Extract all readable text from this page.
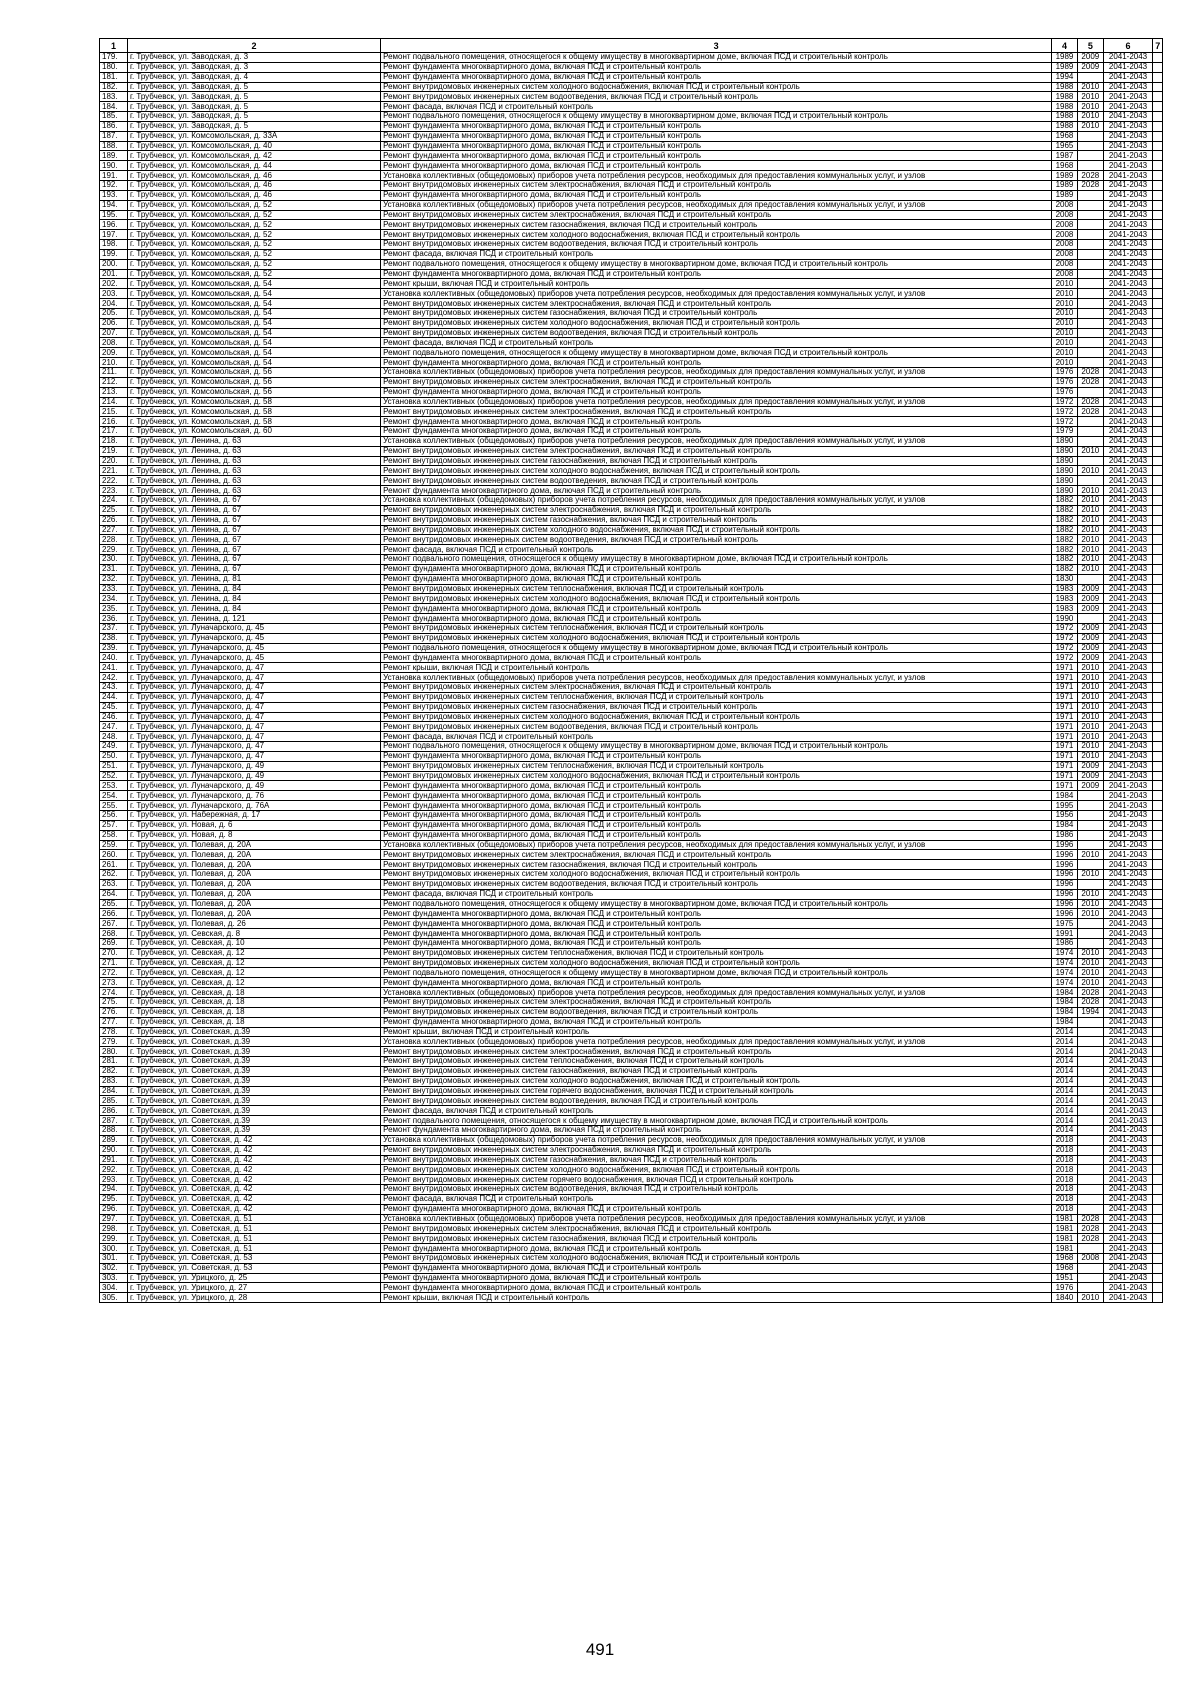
1	2	3	4	5	6	7
179.	г. Трубчевск, ул. Заводская, д. 3	Ремонт подвального помещения, относящегося к общему имуществу в многоквартирном доме, включая ПСД и строительный контроль	1989	2009	2041-2043	
180.	г. Трубчевск, ул. Заводская, д. 3	Ремонт фундамента многоквартирного дома, включая ПСД и строительный контроль	1989	2009	2041-2043	
181.	г. Трубчевск, ул. Заводская, д. 4	Ремонт фундамента многоквартирного дома, включая ПСД и строительный контроль	1994		2041-2043	
182.	г. Трубчевск, ул. Заводская, д. 5	Ремонт внутридомовых инженерных систем холодного водоснабжения, включая ПСД и строительный контроль	1988	2010	2041-2043	
183.	г. Трубчевск, ул. Заводская, д. 5	Ремонт внутридомовых инженерных систем водоотведения, включая ПСД и строительный контроль	1988	2010	2041-2043	
184.	г. Трубчевск, ул. Заводская, д. 5	Ремонт фасада, включая ПСД и строительный контроль	1988	2010	2041-2043	
185.	г. Трубчевск, ул. Заводская, д. 5	Ремонт подвального помещения, относящегося к общему имуществу в многоквартирном доме, включая ПСД и строительный контроль	1988	2010	2041-2043	
186.	г. Трубчевск, ул. Заводская, д. 5	Ремонт фундамента многоквартирного дома, включая ПСД и строительный контроль	1988	2010	2041-2043	
187.	г. Трубчевск, ул. Комсомольская, д. 33А	Ремонт фундамента многоквартирного дома, включая ПСД и строительный контроль	1968		2041-2043	
188.	г. Трубчевск, ул. Комсомольская, д. 40	Ремонт фундамента многоквартирного дома, включая ПСД и строительный контроль	1965		2041-2043	
189.	г. Трубчевск, ул. Комсомольская, д. 42	Ремонт фундамента многоквартирного дома, включая ПСД и строительный контроль	1987		2041-2043	
190.	г. Трубчевск, ул. Комсомольская, д. 44	Ремонт фундамента многоквартирного дома, включая ПСД и строительный контроль	1968		2041-2043	
191.	г. Трубчевск, ул. Комсомольская, д. 46	Установка коллективных (общедомовых) приборов учета потребления ресурсов, необходимых для предоставления коммунальных услуг, и узлов	1989	2028	2041-2043	
192.	г. Трубчевск, ул. Комсомольская, д. 46	Ремонт внутридомовых инженерных систем электроснабжения, включая ПСД и строительный контроль	1989	2028	2041-2043	
193.	г. Трубчевск, ул. Комсомольская, д. 46	Ремонт фундамента многоквартирного дома, включая ПСД и строительный контроль	1989		2041-2043	
194.	г. Трубчевск, ул. Комсомольская, д. 52	Установка коллективных (общедомовых) приборов учета потребления ресурсов, необходимых для предоставления коммунальных услуг, и узлов	2008		2041-2043	
195.	г. Трубчевск, ул. Комсомольская, д. 52	Ремонт внутридомовых инженерных систем электроснабжения, включая ПСД и строительный контроль	2008		2041-2043	
196.	г. Трубчевск, ул. Комсомольская, д. 52	Ремонт внутридомовых инженерных систем газоснабжения, включая ПСД и строительный контроль	2008		2041-2043	
197.	г. Трубчевск, ул. Комсомольская, д. 52	Ремонт внутридомовых инженерных систем холодного водоснабжения, включая ПСД и строительный контроль	2008		2041-2043	
198.	г. Трубчевск, ул. Комсомольская, д. 52	Ремонт внутридомовых инженерных систем водоотведения, включая ПСД и строительный контроль	2008		2041-2043	
199.	г. Трубчевск, ул. Комсомольская, д. 52	Ремонт фасада, включая ПСД и строительный контроль	2008		2041-2043	
200.	г. Трубчевск, ул. Комсомольская, д. 52	Ремонт подвального помещения, относящегося к общему имуществу в многоквартирном доме, включая ПСД и строительный контроль	2008		2041-2043	
201.	г. Трубчевск, ул. Комсомольская, д. 52	Ремонт фундамента многоквартирного дома, включая ПСД и строительный контроль	2008		2041-2043	
202.	г. Трубчевск, ул. Комсомольская, д. 54	Ремонт крыши, включая ПСД и строительный контроль	2010		2041-2043	
203.	г. Трубчевск, ул. Комсомольская, д. 54	Установка коллективных (общедомовых) приборов учета потребления ресурсов, необходимых для предоставления коммунальных услуг, и узлов	2010		2041-2043	
204.	г. Трубчевск, ул. Комсомольская, д. 54	Ремонт внутридомовых инженерных систем электроснабжения, включая ПСД и строительный контроль	2010		2041-2043	
205.	г. Трубчевск, ул. Комсомольская, д. 54	Ремонт внутридомовых инженерных систем газоснабжения, включая ПСД и строительный контроль	2010		2041-2043	
206.	г. Трубчевск, ул. Комсомольская, д. 54	Ремонт внутридомовых инженерных систем холодного водоснабжения, включая ПСД и строительный контроль	2010		2041-2043	
207.	г. Трубчевск, ул. Комсомольская, д. 54	Ремонт внутридомовых инженерных систем водоотведения, включая ПСД и строительный контроль	2010		2041-2043	
208.	г. Трубчевск, ул. Комсомольская, д. 54	Ремонт фасада, включая ПСД и строительный контроль	2010		2041-2043	
209.	г. Трубчевск, ул. Комсомольская, д. 54	Ремонт подвального помещения, относящегося к общему имуществу в многоквартирном доме, включая ПСД и строительный контроль	2010		2041-2043	
210.	г. Трубчевск, ул. Комсомольская, д. 54	Ремонт фундамента многоквартирного дома, включая ПСД и строительный контроль	2010		2041-2043	
211.	г. Трубчевск, ул. Комсомольская, д. 56	Установка коллективных (общедомовых) приборов учета потребления ресурсов, необходимых для предоставления коммунальных услуг, и узлов	1976	2028	2041-2043	
212.	г. Трубчевск, ул. Комсомольская, д. 56	Ремонт внутридомовых инженерных систем электроснабжения, включая ПСД и строительный контроль	1976	2028	2041-2043	
213.	г. Трубчевск, ул. Комсомольская, д. 56	Ремонт фундамента многоквартирного дома, включая ПСД и строительный контроль	1976		2041-2043	
214.	г. Трубчевск, ул. Комсомольская, д. 58	Установка коллективных (общедомовых) приборов учета потребления ресурсов, необходимых для предоставления коммунальных услуг, и узлов	1972	2028	2041-2043	
215.	г. Трубчевск, ул. Комсомольская, д. 58	Ремонт внутридомовых инженерных систем электроснабжения, включая ПСД и строительный контроль	1972	2028	2041-2043	
216.	г. Трубчевск, ул. Комсомольская, д. 58	Ремонт фундамента многоквартирного дома, включая ПСД и строительный контроль	1972		2041-2043	
217.	г. Трубчевск, ул. Комсомольская, д. 60	Ремонт фундамента многоквартирного дома, включая ПСД и строительный контроль	1979		2041-2043	
218.	г. Трубчевск, ул. Ленина, д. 63	Установка коллективных (общедомовых) приборов учета потребления ресурсов, необходимых для предоставления коммунальных услуг, и узлов	1890		2041-2043	
219.	г. Трубчевск, ул. Ленина, д. 63	Ремонт внутридомовых инженерных систем электроснабжения, включая ПСД и строительный контроль	1890	2010	2041-2043	
220.	г. Трубчевск, ул. Ленина, д. 63	Ремонт внутридомовых инженерных систем газоснабжения, включая ПСД и строительный контроль	1890		2041-2043	
221.	г. Трубчевск, ул. Ленина, д. 63	Ремонт внутридомовых инженерных систем холодного водоснабжения, включая ПСД и строительный контроль	1890	2010	2041-2043	
222.	г. Трубчевск, ул. Ленина, д. 63	Ремонт внутридомовых инженерных систем водоотведения, включая ПСД и строительный контроль	1890		2041-2043	
223.	г. Трубчевск, ул. Ленина, д. 63	Ремонт фундамента многоквартирного дома, включая ПСД и строительный контроль	1890	2010	2041-2043	
224.	г. Трубчевск, ул. Ленина, д. 67	Установка коллективных (общедомовых) приборов учета потребления ресурсов, необходимых для предоставления коммунальных услуг, и узлов	1882	2010	2041-2043	
225.	г. Трубчевск, ул. Ленина, д. 67	Ремонт внутридомовых инженерных систем электроснабжения, включая ПСД и строительный контроль	1882	2010	2041-2043	
226.	г. Трубчевск, ул. Ленина, д. 67	Ремонт внутридомовых инженерных систем газоснабжения, включая ПСД и строительный контроль	1882	2010	2041-2043	
227.	г. Трубчевск, ул. Ленина, д. 67	Ремонт внутридомовых инженерных систем холодного водоснабжения, включая ПСД и строительный контроль	1882	2010	2041-2043	
228.	г. Трубчевск, ул. Ленина, д. 67	Ремонт внутридомовых инженерных систем водоотведения, включая ПСД и строительный контроль	1882	2010	2041-2043	
229.	г. Трубчевск, ул. Ленина, д. 67	Ремонт фасада, включая ПСД и строительный контроль	1882	2010	2041-2043	
230.	г. Трубчевск, ул. Ленина, д. 67	Ремонт подвального помещения, относящегося к общему имуществу в многоквартирном доме, включая ПСД и строительный контроль	1882	2010	2041-2043	
231.	г. Трубчевск, ул. Ленина, д. 67	Ремонт фундамента многоквартирного дома, включая ПСД и строительный контроль	1882	2010	2041-2043	
232.	г. Трубчевск, ул. Ленина, д. 81	Ремонт фундамента многоквартирного дома, включая ПСД и строительный контроль	1830		2041-2043	
233.	г. Трубчевск, ул. Ленина, д. 84	Ремонт внутридомовых инженерных систем теплоснабжения, включая ПСД и строительный контроль	1983	2009	2041-2043	
234.	г. Трубчевск, ул. Ленина, д. 84	Ремонт внутридомовых инженерных систем холодного водоснабжения, включая ПСД и строительный контроль	1983	2009	2041-2043	
235.	г. Трубчевск, ул. Ленина, д. 84	Ремонт фундамента многоквартирного дома, включая ПСД и строительный контроль	1983	2009	2041-2043	
236.	г. Трубчевск, ул. Ленина, д. 121	Ремонт фундамента многоквартирного дома, включая ПСД и строительный контроль	1990		2041-2043	
237.	г. Трубчевск, ул. Луначарского, д. 45	Ремонт внутридомовых инженерных систем теплоснабжения, включая ПСД и строительный контроль	1972	2009	2041-2043	
238.	г. Трубчевск, ул. Луначарского, д. 45	Ремонт внутридомовых инженерных систем холодного водоснабжения, включая ПСД и строительный контроль	1972	2009	2041-2043	
239.	г. Трубчевск, ул. Луначарского, д. 45	Ремонт подвального помещения, относящегося к общему имуществу в многоквартирном доме, включая ПСД и строительный контроль	1972	2009	2041-2043	
240.	г. Трубчевск, ул. Луначарского, д. 45	Ремонт фундамента многоквартирного дома, включая ПСД и строительный контроль	1972	2009	2041-2043	
241.	г. Трубчевск, ул. Луначарского, д. 47	Ремонт крыши, включая ПСД и строительный контроль	1971	2010	2041-2043	
242.	г. Трубчевск, ул. Луначарского, д. 47	Установка коллективных (общедомовых) приборов учета потребления ресурсов, необходимых для предоставления коммунальных услуг, и узлов	1971	2010	2041-2043	
243.	г. Трубчевск, ул. Луначарского, д. 47	Ремонт внутридомовых инженерных систем электроснабжения, включая ПСД и строительный контроль	1971	2010	2041-2043	
244.	г. Трубчевск, ул. Луначарского, д. 47	Ремонт внутридомовых инженерных систем теплоснабжения, включая ПСД и строительный контроль	1971	2010	2041-2043	
245.	г. Трубчевск, ул. Луначарского, д. 47	Ремонт внутридомовых инженерных систем газоснабжения, включая ПСД и строительный контроль	1971	2010	2041-2043	
246.	г. Трубчевск, ул. Луначарского, д. 47	Ремонт внутридомовых инженерных систем холодного водоснабжения, включая ПСД и строительный контроль	1971	2010	2041-2043	
247.	г. Трубчевск, ул. Луначарского, д. 47	Ремонт внутридомовых инженерных систем водоотведения, включая ПСД и строительный контроль	1971	2010	2041-2043	
248.	г. Трубчевск, ул. Луначарского, д. 47	Ремонт фасада, включая ПСД и строительный контроль	1971	2010	2041-2043	
249.	г. Трубчевск, ул. Луначарского, д. 47	Ремонт подвального помещения, относящегося к общему имуществу в многоквартирном доме, включая ПСД и строительный контроль	1971	2010	2041-2043	
250.	г. Трубчевск, ул. Луначарского, д. 47	Ремонт фундамента многоквартирного дома, включая ПСД и строительный контроль	1971	2010	2041-2043	
251.	г. Трубчевск, ул. Луначарского, д. 49	Ремонт внутридомовых инженерных систем теплоснабжения, включая ПСД и строительный контроль	1971	2009	2041-2043	
252.	г. Трубчевск, ул. Луначарского, д. 49	Ремонт внутридомовых инженерных систем холодного водоснабжения, включая ПСД и строительный контроль	1971	2009	2041-2043	
253.	г. Трубчевск, ул. Луначарского, д. 49	Ремонт фундамента многоквартирного дома, включая ПСД и строительный контроль	1971	2009	2041-2043	
254.	г. Трубчевск, ул. Луначарского, д. 76	Ремонт фундамента многоквартирного дома, включая ПСД и строительный контроль	1984		2041-2043	
255.	г. Трубчевск, ул. Луначарского, д. 76А	Ремонт фундамента многоквартирного дома, включая ПСД и строительный контроль	1995		2041-2043	
256.	г. Трубчевск, ул. Набережная, д. 17	Ремонт фундамента многоквартирного дома, включая ПСД и строительный контроль	1956		2041-2043	
257.	г. Трубчевск, ул. Новая, д. 6	Ремонт фундамента многоквартирного дома, включая ПСД и строительный контроль	1984		2041-2043	
258.	г. Трубчевск, ул. Новая, д. 8	Ремонт фундамента многоквартирного дома, включая ПСД и строительный контроль	1986		2041-2043	
259.	г. Трубчевск, ул. Полевая, д. 20А	Установка коллективных (общедомовых) приборов учета потребления ресурсов, необходимых для предоставления коммунальных услуг, и узлов	1996		2041-2043	
260.	г. Трубчевск, ул. Полевая, д. 20А	Ремонт внутридомовых инженерных систем электроснабжения, включая ПСД и строительный контроль	1996	2010	2041-2043	
261.	г. Трубчевск, ул. Полевая, д. 20А	Ремонт внутридомовых инженерных систем газоснабжения, включая ПСД и строительный контроль	1996		2041-2043	
262.	г. Трубчевск, ул. Полевая, д. 20А	Ремонт внутридомовых инженерных систем холодного водоснабжения, включая ПСД и строительный контроль	1996	2010	2041-2043	
263.	г. Трубчевск, ул. Полевая, д. 20А	Ремонт внутридомовых инженерных систем водоотведения, включая ПСД и строительный контроль	1996		2041-2043	
264.	г. Трубчевск, ул. Полевая, д. 20А	Ремонт фасада, включая ПСД и строительный контроль	1996	2010	2041-2043	
265.	г. Трубчевск, ул. Полевая, д. 20А	Ремонт подвального помещения, относящегося к общему имуществу в многоквартирном доме, включая ПСД и строительный контроль	1996	2010	2041-2043	
266.	г. Трубчевск, ул. Полевая, д. 20А	Ремонт фундамента многоквартирного дома, включая ПСД и строительный контроль	1996	2010	2041-2043	
267.	г. Трубчевск, ул. Полевая, д. 26	Ремонт фундамента многоквартирного дома, включая ПСД и строительный контроль	1975		2041-2043	
268.	г. Трубчевск, ул. Севская, д. 8	Ремонт фундамента многоквартирного дома, включая ПСД и строительный контроль	1991		2041-2043	
269.	г. Трубчевск, ул. Севская, д. 10	Ремонт фундамента многоквартирного дома, включая ПСД и строительный контроль	1986		2041-2043	
270.	г. Трубчевск, ул. Севская, д. 12	Ремонт внутридомовых инженерных систем теплоснабжения, включая ПСД и строительный контроль	1974	2010	2041-2043	
271.	г. Трубчевск, ул. Севская, д. 12	Ремонт внутридомовых инженерных систем холодного водоснабжения, включая ПСД и строительный контроль	1974	2010	2041-2043	
272.	г. Трубчевск, ул. Севская, д. 12	Ремонт подвального помещения, относящегося к общему имуществу в многоквартирном доме, включая ПСД и строительный контроль	1974	2010	2041-2043	
273.	г. Трубчевск, ул. Севская, д. 12	Ремонт фундамента многоквартирного дома, включая ПСД и строительный контроль	1974	2010	2041-2043	
274.	г. Трубчевск, ул. Севская, д. 18	Установка коллективных (общедомовых) приборов учета потребления ресурсов, необходимых для предоставления коммунальных услуг, и узлов	1984	2028	2041-2043	
275.	г. Трубчевск, ул. Севская, д. 18	Ремонт внутридомовых инженерных систем электроснабжения, включая ПСД и строительный контроль	1984	2028	2041-2043	
276.	г. Трубчевск, ул. Севская, д. 18	Ремонт внутридомовых инженерных систем водоотведения, включая ПСД и строительный контроль	1984	1994	2041-2043	
277.	г. Трубчевск, ул. Севская, д. 18	Ремонт фундамента многоквартирного дома, включая ПСД и строительный контроль	1984		2041-2043	
278.	г. Трубчевск, ул. Советская, д.39	Ремонт крыши, включая ПСД и строительный контроль	2014		2041-2043	
279.	г. Трубчевск, ул. Советская, д.39	Установка коллективных (общедомовых) приборов учета потребления ресурсов, необходимых для предоставления коммунальных услуг, и узлов	2014		2041-2043	
280.	г. Трубчевск, ул. Советская, д.39	Ремонт внутридомовых инженерных систем электроснабжения, включая ПСД и строительный контроль	2014		2041-2043	
281.	г. Трубчевск, ул. Советская, д.39	Ремонт внутридомовых инженерных систем теплоснабжения, включая ПСД и строительный контроль	2014		2041-2043	
282.	г. Трубчевск, ул. Советская, д.39	Ремонт внутридомовых инженерных систем газоснабжения, включая ПСД и строительный контроль	2014		2041-2043	
283.	г. Трубчевск, ул. Советская, д.39	Ремонт внутридомовых инженерных систем холодного водоснабжения, включая ПСД и строительный контроль	2014		2041-2043	
284.	г. Трубчевск, ул. Советская, д.39	Ремонт внутридомовых инженерных систем горячего водоснабжения, включая ПСД и строительный контроль	2014		2041-2043	
285.	г. Трубчевск, ул. Советская, д.39	Ремонт внутридомовых инженерных систем водоотведения, включая ПСД и строительный контроль	2014		2041-2043	
286.	г. Трубчевск, ул. Советская, д.39	Ремонт фасада, включая ПСД и строительный контроль	2014		2041-2043	
287.	г. Трубчевск, ул. Советская, д.39	Ремонт подвального помещения, относящегося к общему имуществу в многоквартирном доме, включая ПСД и строительный контроль	2014		2041-2043	
288.	г. Трубчевск, ул. Советская, д.39	Ремонт фундамента многоквартирного дома, включая ПСД и строительный контроль	2014		2041-2043	
289.	г. Трубчевск, ул. Советская, д. 42	Установка коллективных (общедомовых) приборов учета потребления ресурсов, необходимых для предоставления коммунальных услуг, и узлов	2018		2041-2043	
290.	г. Трубчевск, ул. Советская, д. 42	Ремонт внутридомовых инженерных систем электроснабжения, включая ПСД и строительный контроль	2018		2041-2043	
291.	г. Трубчевск, ул. Советская, д. 42	Ремонт внутридомовых инженерных систем газоснабжения, включая ПСД и строительный контроль	2018		2041-2043	
292.	г. Трубчевск, ул. Советская, д. 42	Ремонт внутридомовых инженерных систем холодного водоснабжения, включая ПСД и строительный контроль	2018		2041-2043	
293.	г. Трубчевск, ул. Советская, д. 42	Ремонт внутридомовых инженерных систем горячего водоснабжения, включая ПСД и строительный контроль	2018		2041-2043	
294.	г. Трубчевск, ул. Советская, д. 42	Ремонт внутридомовых инженерных систем водоотведения, включая ПСД и строительный контроль	2018		2041-2043	
295.	г. Трубчевск, ул. Советская, д. 42	Ремонт фасада, включая ПСД и строительный контроль	2018		2041-2043	
296.	г. Трубчевск, ул. Советская, д. 42	Ремонт фундамента многоквартирного дома, включая ПСД и строительный контроль	2018		2041-2043	
297.	г. Трубчевск, ул. Советская, д. 51	Установка коллективных (общедомовых) приборов учета потребления ресурсов, необходимых для предоставления коммунальных услуг, и узлов	1981	2028	2041-2043	
298.	г. Трубчевск, ул. Советская, д. 51	Ремонт внутридомовых инженерных систем электроснабжения, включая ПСД и строительный контроль	1981	2028	2041-2043	
299.	г. Трубчевск, ул. Советская, д. 51	Ремонт внутридомовых инженерных систем газоснабжения, включая ПСД и строительный контроль	1981	2028	2041-2043	
300.	г. Трубчевск, ул. Советская, д. 51	Ремонт фундамента многоквартирного дома, включая ПСД и строительный контроль	1981		2041-2043	
301.	г. Трубчевск, ул. Советская, д. 53	Ремонт внутридомовых инженерных систем холодного водоснабжения, включая ПСД и строительный контроль	1968	2008	2041-2043	
302.	г. Трубчевск, ул. Советская, д. 53	Ремонт фундамента многоквартирного дома, включая ПСД и строительный контроль	1968		2041-2043	
303.	г. Трубчевск, ул. Урицкого, д. 25	Ремонт фундамента многоквартирного дома, включая ПСД и строительный контроль	1951		2041-2043	
304.	г. Трубчевск, ул. Урицкого, д. 27	Ремонт фундамента многоквартирного дома, включая ПСД и строительный контроль	1976		2041-2043	
305.	г. Трубчевск, ул. Урицкого, д. 28	Ремонт крыши, включая ПСД и строительный контроль	1840	2010	2041-2043	
491
